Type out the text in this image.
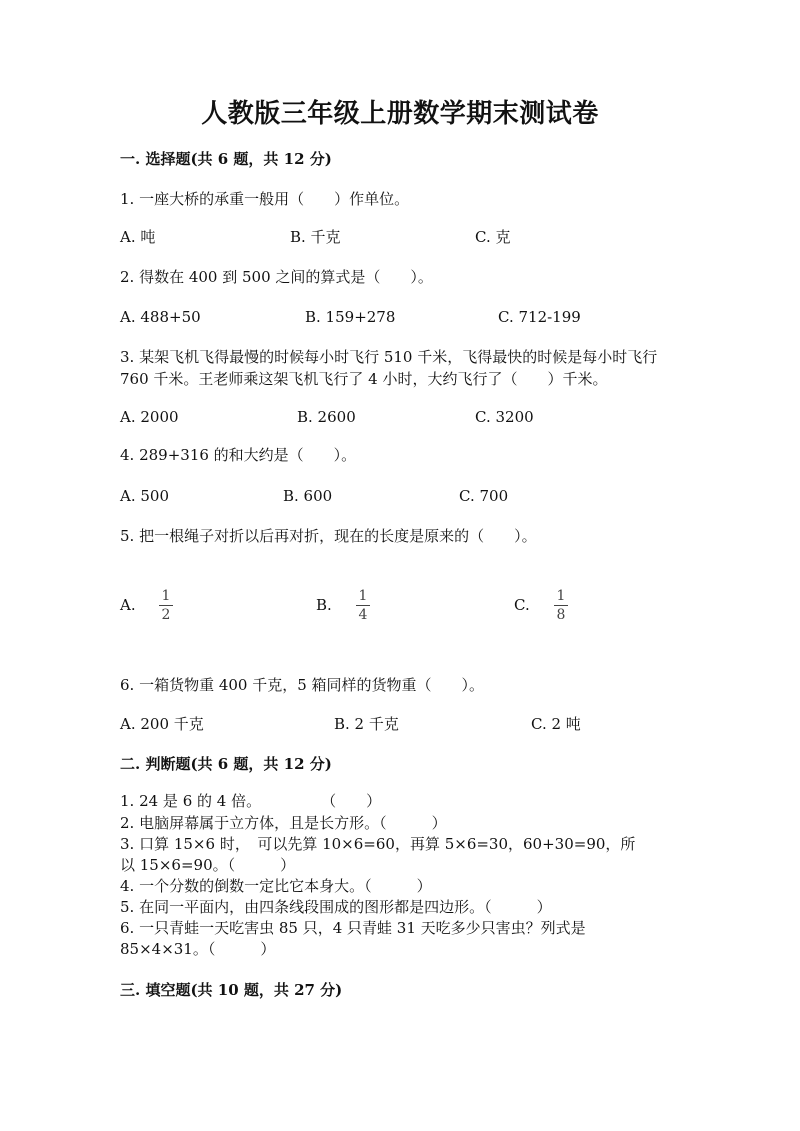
人教版三年级上册数学期末测试卷
一. 选择题(共 6 题，共 12 分)
1. 一座大桥的承重一般用（　　）作单位。
A. 吨	B. 千克	C. 克
2. 得数在 400 到 500 之间的算式是（　　）。
A. 488+50	B. 159+278	C. 712-199
3. 某架飞机飞得最慢的时候每小时飞行 510 千米，飞得最快的时候是每小时飞行 760 千米。王老师乘这架飞机飞行了 4 小时，大约飞行了（　　）千米。
A. 2000	B. 2600	C. 3200
4. 289+316 的和大约是（　　）。
A. 500	B. 600	C. 700
5. 把一根绳子对折以后再对折，现在的长度是原来的（　　）。
A. 1
2
B. 1
4
C. 1
8
6. 一箱货物重 400 千克，5 箱同样的货物重（　　）。
A. 200 千克	B. 2 千克	C. 2 吨
二. 判断题(共 6 题，共 12 分)
1. 24 是 6 的 4 倍。　　　　　（　　）
2. 电脑屏幕属于立方体，且是长方形。（　　　）
3. 口算 15×6 时，　可以先算 10×6=60，再算 5×6=30，60+30=90，所以 15×6=90。（　　　）
4. 一个分数的倒数一定比它本身大。（　　　）
5. 在同一平面内，由四条线段围成的图形都是四边形。（　　　）
6. 一只青蛙一天吃害虫 85 只，4 只青蛙 31 天吃多少只害虫？列式是 85×4×31。（　　　）
三. 填空题(共 10 题，共 27 分)
